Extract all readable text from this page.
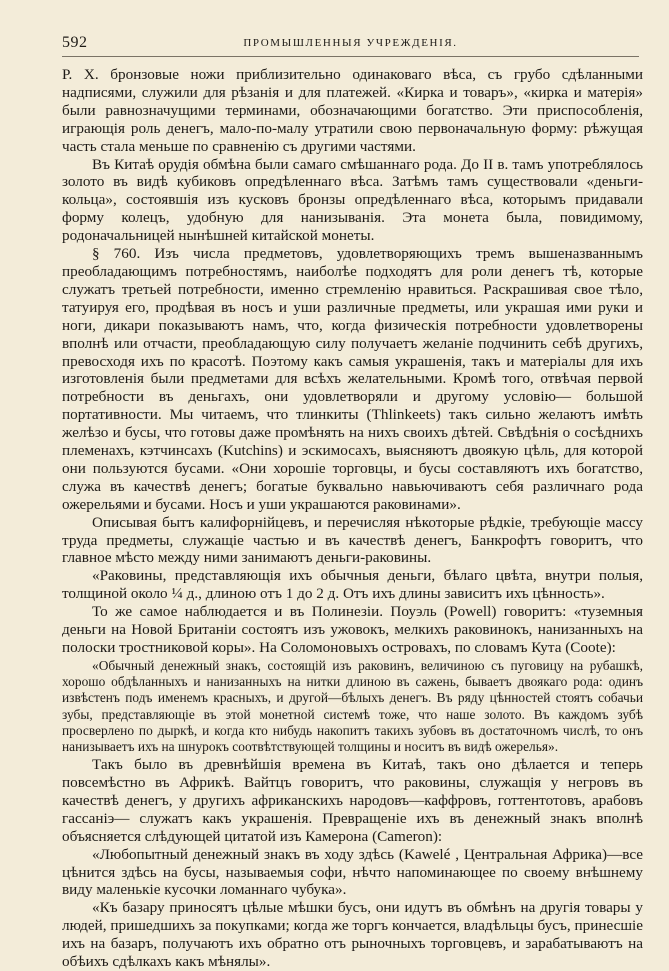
592	ПРОМЫШЛЕННЫЯ УЧРЕЖДЕНІЯ.

Р. X. бронзовые ножи приблизительно одинаковаго вѣса, съ грубо сдѣланными надписями, служили для рѣзанія и для платежей. «Кирка и товаръ», «кирка и матерія» были равнозначущими терминами, обозначающими богатство. Эти приспособленія, играющія роль денегъ, мало-по-малу утратили свою первоначальную форму: рѣжущая часть стала меньше по сравненію съ другими частями.

Въ Китаѣ орудія обмѣна были самаго смѣшаннаго рода. До II в. тамъ употреблялось золото въ видѣ кубиковъ опредѣленнаго вѣса. Затѣмъ тамъ существовали «деньги-кольца», состоявшія изъ кусковъ бронзы опредѣленнаго вѣса, которымъ придавали форму колецъ, удобную для нанизыванія. Эта монета была, повидимому, родоначальницей нынѣшней китайской монеты.

§ 760. Изъ числа предметовъ, удовлетворяющихъ тремъ вышеназваннымъ преобладающимъ потребностямъ, наиболѣе подходятъ для роли денегъ тѣ, которые служатъ третьей потребности, именно стремленію нравиться. Раскрашивая свое тѣло, татуируя его, продѣвая въ носъ и уши различные предметы, или украшая ими руки и ноги, дикари показываютъ намъ, что, когда физическія потребности удовлетворены вполнѣ или отчасти, преобладающую силу получаетъ желаніе подчинить себѣ другихъ, превосходя ихъ по красотѣ. Поэтому какъ самыя украшенія, такъ и матеріалы для ихъ изготовленія были предметами для всѣхъ желательными. Кромѣ того, отвѣчая первой потребности въ деньгахъ, они удовлетворяли и другому условію— большой портативности. Мы читаемъ, что тлинкиты (Thlinkeets) такъ сильно желаютъ имѣть желѣзо и бусы, что готовы даже промѣнять на нихъ своихъ дѣтей. Свѣдѣнія о сосѣднихъ племенахъ, кэтчинсахъ (Kutchins) и эскимосахъ, выясняютъ двоякую цѣль, для которой они пользуются бусами. «Они хорошіе торговцы, и бусы составляютъ ихъ богатство, служа въ качествѣ денегъ; богатые буквально навьючиваютъ себя различнаго рода ожерельями и бусами. Носъ и уши украшаются раковинами».

Описывая бытъ калифорнійцевъ, и перечисляя нѣкоторые рѣдкіе, требующіе массу труда предметы, служащіе частью и въ качествѣ денегъ, Банкрофтъ говоритъ, что главное мѣсто между ними занимаютъ деньги-раковины.

«Раковины, представляющія ихъ обычныя деньги, бѣлаго цвѣта, внутри полыя, толщиной около ¼ д., длиною отъ 1 до 2 д. Отъ ихъ длины зависитъ ихъ цѣнность».

То же самое наблюдается и въ Полинезіи. Поуэль (Powell) говоритъ: «туземныя деньги на Новой Британіи состоятъ изъ ужовокъ, мелкихъ раковинокъ, нанизанныхъ на полоски тростниковой коры». На Соломоновыхъ островахъ, по словамъ Кута (Coote):

«Обычный денежный знакъ, состоящій изъ раковинъ, величиною съ пуговицу на рубашкѣ, хорошо обдѣланныхъ и нанизанныхъ на нитки длиною въ сажень, бываетъ двоякаго рода: одинъ извѣстенъ подъ именемъ красныхъ, и другой—бѣлыхъ денегъ. Въ ряду цѣнностей стоятъ собачьи зубы, представляющіе въ этой монетной системѣ тоже, что наше золото. Въ каждомъ зубѣ просверлено по дыркѣ, и когда кто нибудь накопитъ такихъ зубовъ въ достаточномъ числѣ, то онъ нанизываетъ ихъ на шнурокъ соотвѣтствующей толщины и носитъ въ видѣ ожерелья».

Такъ было въ древнѣйшія времена въ Китаѣ, такъ оно дѣлается и теперь повсемѣстно въ Африкѣ. Вайтцъ говоритъ, что раковины, служащія у негровъ въ качествѣ денегъ, у другихъ африканскихъ народовъ—каффровъ, готтентотовъ, арабовъ гассаніэ— служатъ какъ украшенія. Превращеніе ихъ въ денежный знакъ вполнѣ объясняется слѣдующей цитатой изъ Камерона (Cameron):

«Любопытный денежный знакъ въ ходу здѣсь (Kawelé , Центральная Африка)—все цѣнится здѣсь на бусы, называемыя софи, нѣчто напоминающее по своему внѣшнему виду маленькіе кусочки ломаннаго чубука».

«Къ базару приносятъ цѣлые мѣшки бусъ, они идутъ въ обмѣнъ на другія товары у людей, пришедшихъ за покупками; когда же торгъ кончается, владѣльцы бусъ, принесшіе ихъ на базаръ, получаютъ ихъ обратно отъ рыночныхъ торговцевъ, и зарабатываютъ на обѣихъ сдѣлкахъ какъ мѣнялы».
